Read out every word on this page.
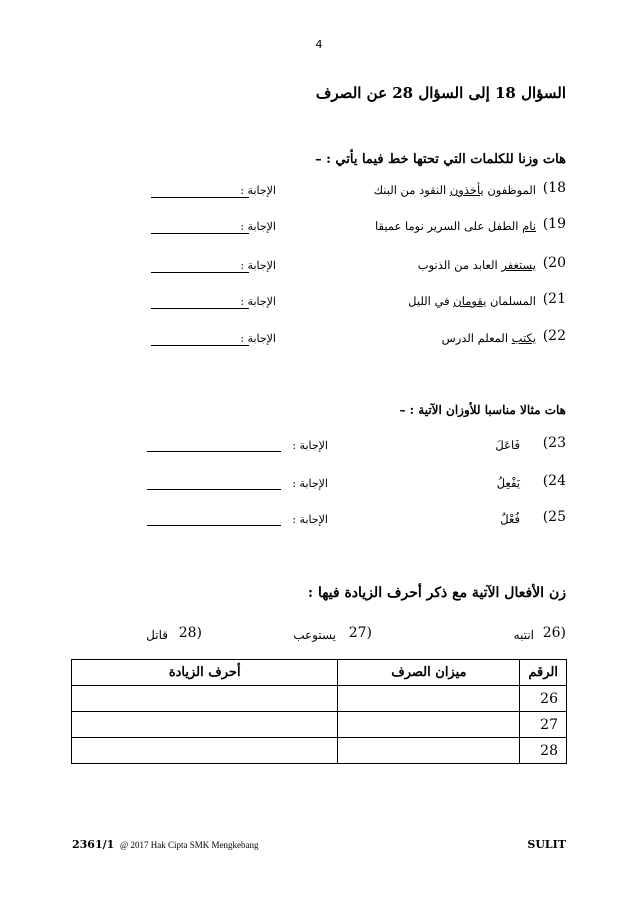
4
السؤال 18 إلى السؤال 28 عن الصرف
هات وزنا للكلمات التي تحتها خط فيما يأتي : –
(18
الموظفون يأخذون النقود من البنك
الإجابة :
(19
نام الطفل على السرير نوما عميقا
الإجابة :
(20
يستغفر العابد من الذنوب
الإجابة :
(21
المسلمان يقومان في الليل
الإجابة :
(22
يكتب المعلم الدرس
الإجابة :
هات مثالا مناسبا للأوزان الآتية : –
(23
فَاعَلَ
الإجابة :
(24
يَفْعِلُ
الإجابة :
(25
فُعْلٌ
الإجابة :
زن الأفعال الآتية مع ذكر أحرف الزيادة فيها :
26)
انتبه
27)
يستوعب
28)
قاتل
الرقم	ميزان الصرف	أحرف الزيادة
26		
27		
28		
2361/1 @ 2017 Hak Cipta SMK Mengkebang	SULIT
